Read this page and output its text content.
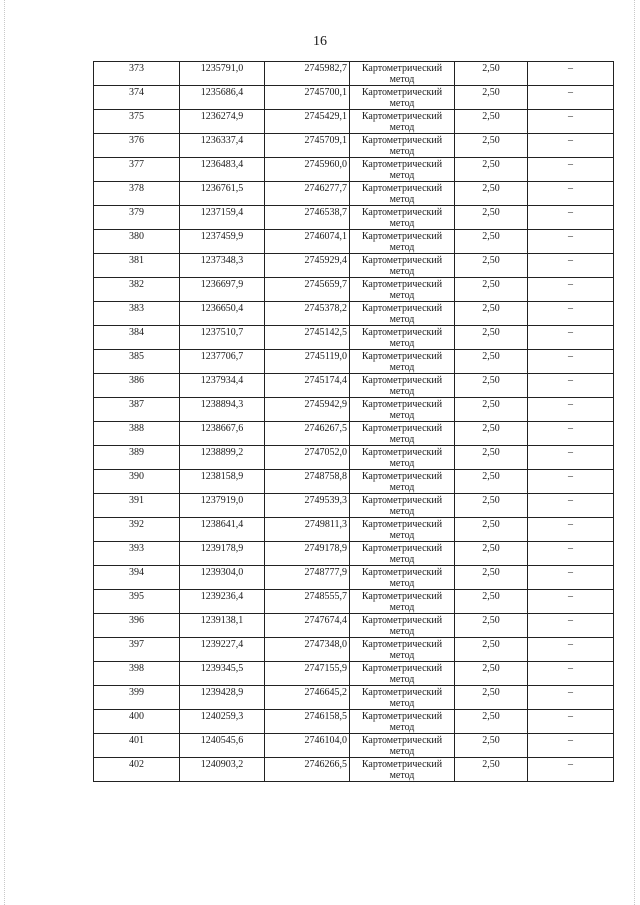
16
373	1235791,0	2745982,7	Картометрический метод	2,50	–
374	1235686,4	2745700,1	Картометрический метод	2,50	–
375	1236274,9	2745429,1	Картометрический метод	2,50	–
376	1236337,4	2745709,1	Картометрический метод	2,50	–
377	1236483,4	2745960,0	Картометрический метод	2,50	–
378	1236761,5	2746277,7	Картометрический метод	2,50	–
379	1237159,4	2746538,7	Картометрический метод	2,50	–
380	1237459,9	2746074,1	Картометрический метод	2,50	–
381	1237348,3	2745929,4	Картометрический метод	2,50	–
382	1236697,9	2745659,7	Картометрический метод	2,50	–
383	1236650,4	2745378,2	Картометрический метод	2,50	–
384	1237510,7	2745142,5	Картометрический метод	2,50	–
385	1237706,7	2745119,0	Картометрический метод	2,50	–
386	1237934,4	2745174,4	Картометрический метод	2,50	–
387	1238894,3	2745942,9	Картометрический метод	2,50	–
388	1238667,6	2746267,5	Картометрический метод	2,50	–
389	1238899,2	2747052,0	Картометрический метод	2,50	–
390	1238158,9	2748758,8	Картометрический метод	2,50	–
391	1237919,0	2749539,3	Картометрический метод	2,50	–
392	1238641,4	2749811,3	Картометрический метод	2,50	–
393	1239178,9	2749178,9	Картометрический метод	2,50	–
394	1239304,0	2748777,9	Картометрический метод	2,50	–
395	1239236,4	2748555,7	Картометрический метод	2,50	–
396	1239138,1	2747674,4	Картометрический метод	2,50	–
397	1239227,4	2747348,0	Картометрический метод	2,50	–
398	1239345,5	2747155,9	Картометрический метод	2,50	–
399	1239428,9	2746645,2	Картометрический метод	2,50	–
400	1240259,3	2746158,5	Картометрический метод	2,50	–
401	1240545,6	2746104,0	Картометрический метод	2,50	–
402	1240903,2	2746266,5	Картометрический метод	2,50	–
